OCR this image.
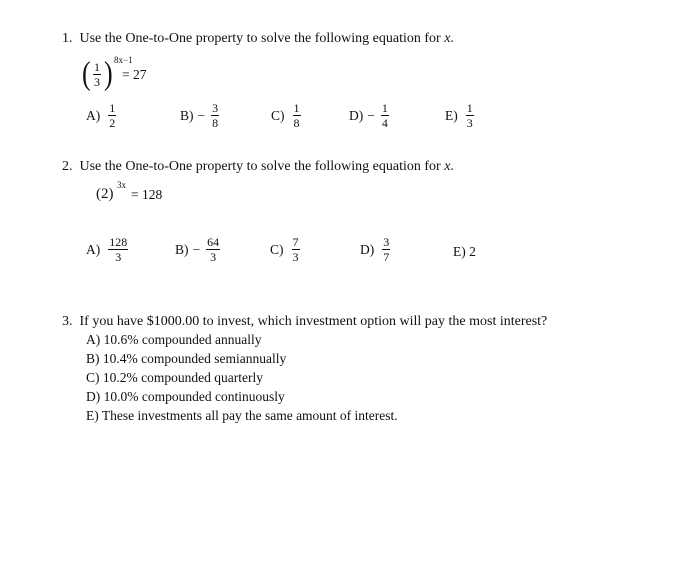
1. Use the One-to-One property to solve the following equation for x.
( 1
3 ) 8x−1
= 27
$A) \frac{1}{2}$	$B) - \frac{3}{8}$	$C) \frac{1}{8}$	$D) - \frac{1}{4}$	$E) \frac{1}{3}$
2. Use the One-to-One property to solve the following equation for x.
(2)
3x
= 128
$A) \frac{128}{3}$	$B) - \frac{64}{3}$	$C) \frac{7}{3}$	$D) \frac{3}{7}$	E) 2
3. If you have $1000.00 to invest, which investment option will pay the most interest?
A) 10.6% compounded annually
B) 10.4% compounded semiannually
C) 10.2% compounded quarterly
D) 10.0% compounded continuously
E) These investments all pay the same amount of interest.
